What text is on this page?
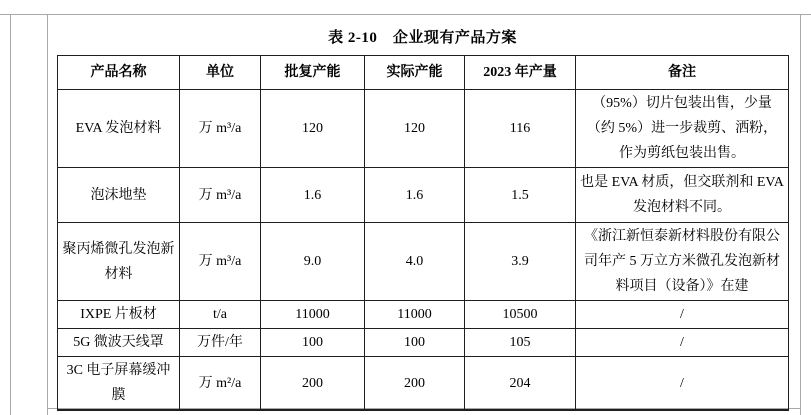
表 2-10　企业现有产品方案
产品名称	单位	批复产能	实际产能	2023 年产量	备注
EVA 发泡材料	万 m³/a	120	120	116	（95%）切片包装出售，少量（约 5%）进一步裁剪、洒粉，作为剪纸包装出售。
泡沫地垫	万 m³/a	1.6	1.6	1.5	也是 EVA 材质，但交联剂和 EVA 发泡材料不同。
聚丙烯微孔发泡新材料	万 m³/a	9.0	4.0	3.9	《浙江新恒泰新材料股份有限公司年产 5 万立方米微孔发泡新材料项目（设备）》在建
IXPE 片板材	t/a	11000	11000	10500	/
5G 微波天线罩	万件/年	100	100	105	/
3C 电子屏幕缓冲膜	万 m²/a	200	200	204	/
